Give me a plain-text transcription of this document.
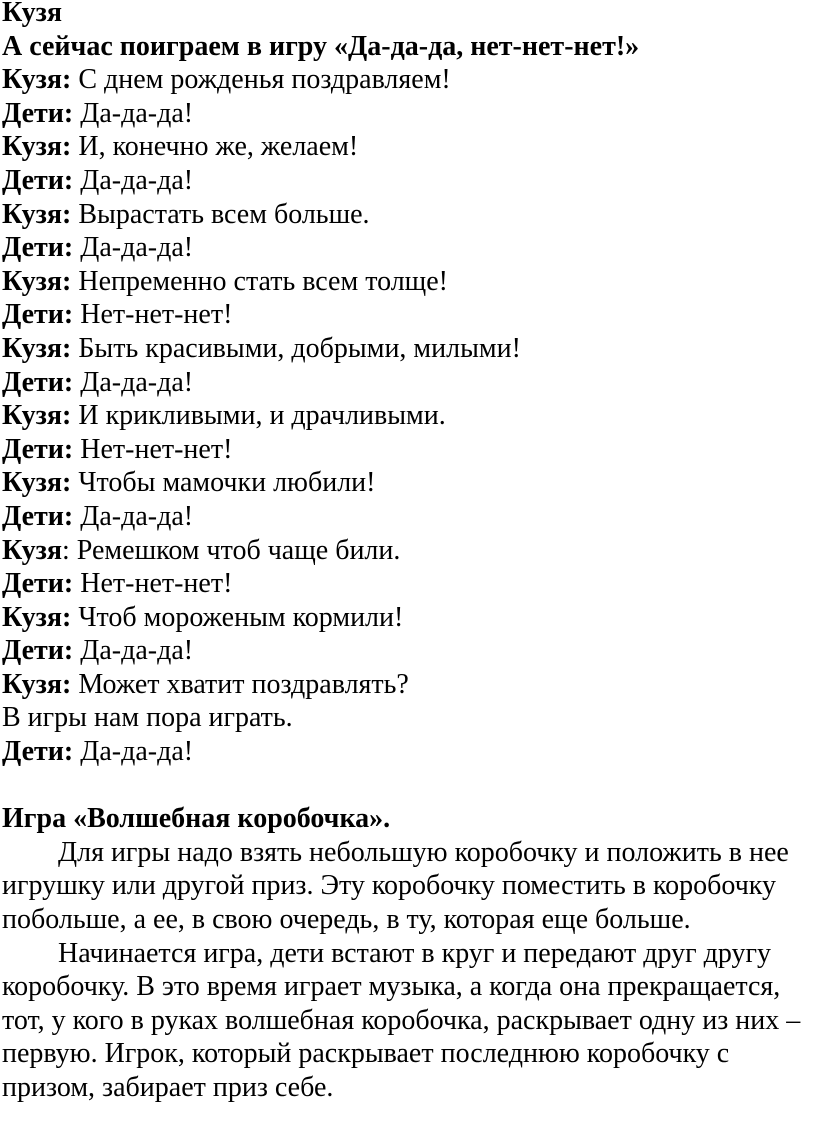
Кузя

А сейчас поиграем в игру «Да-да-да, нет-нет-нет!»

Кузя: С днем рожденья поздравляем!

Дети: Да-да-да!

Кузя: И, конечно же, желаем!

Дети: Да-да-да!

Кузя: Вырастать всем больше.

Дети: Да-да-да!

Кузя: Непременно стать всем толще!

Дети: Нет-нет-нет!

Кузя: Быть красивыми, добрыми, милыми!

Дети: Да-да-да!

Кузя: И крикливыми, и драчливыми.

Дети: Нет-нет-нет!

Кузя: Чтобы мамочки любили!

Дети: Да-да-да!

Кузя: Ремешком чтоб чаще били.

Дети: Нет-нет-нет!

Кузя: Чтоб мороженым кормили!

Дети: Да-да-да!

Кузя: Может хватит поздравлять?

В игры нам пора играть.

Дети: Да-да-да!

Игра «Волшебная коробочка».

Для игры надо взять небольшую коробочку и положить в нее игрушку или другой приз. Эту коробочку поместить в коробочку побольше, а ее, в свою очередь, в ту, которая еще больше.

Начинается игра, дети встают в круг и передают друг другу коробочку. В это время играет музыка, а когда она прекращается, тот, у кого в руках волшебная коробочка, раскрывает одну из них – первую. Игрок, который раскрывает последнюю коробочку с призом, забирает приз себе.
